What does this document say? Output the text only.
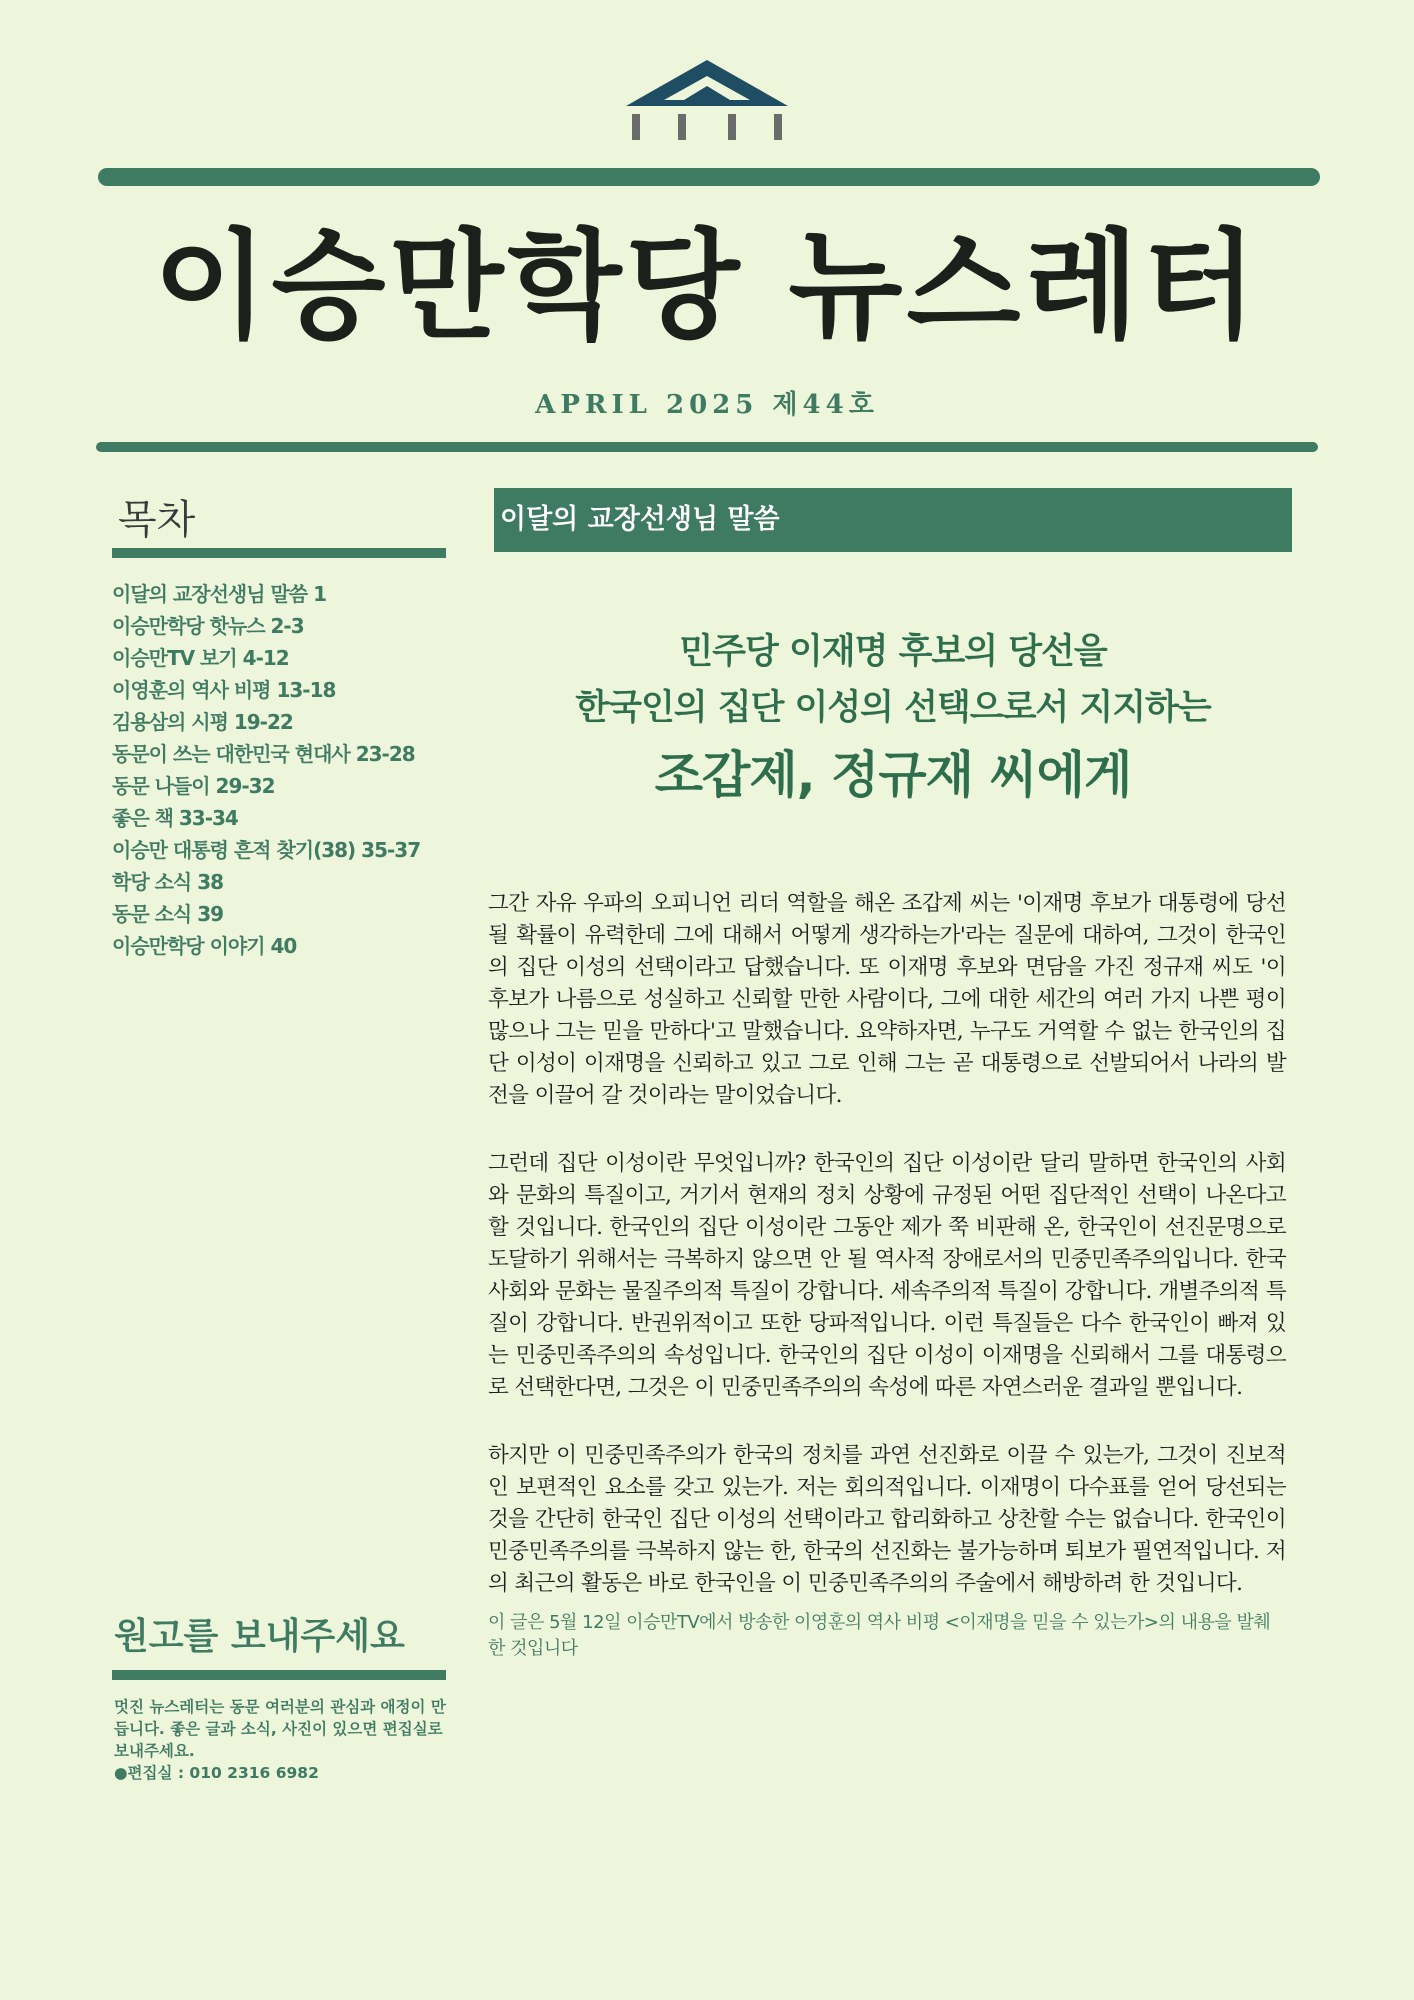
이승만학당 뉴스레터
APRIL 2025 제44호
목차
이달의 교장선생님 말씀 1
이승만학당 핫뉴스 2-3
이승만TV 보기 4-12
이영훈의 역사 비평 13-18
김용삼의 시평 19-22
동문이 쓰는 대한민국 현대사 23-28
동문 나들이 29-32
좋은 책 33-34
이승만 대통령 흔적 찾기(38) 35-37
학당 소식 38
동문 소식 39
이승만학당 이야기 40
원고를 보내주세요

멋진 뉴스레터는 동문 여러분의 관심과 애정이 만듭니다. 좋은 글과 소식, 사진이 있으면 편집실로 보내주세요.

●편집실 : 010 2316 6982

이달의 교장선생님 말씀
민주당 이재명 후보의 당선을
한국인의 집단 이성의 선택으로서 지지하는
조갑제, 정규재 씨에게

그간 자유 우파의 오피니언 리더 역할을 해온 조갑제 씨는 '이재명 후보가 대통령에 당선될 확률이 유력한데 그에 대해서 어떻게 생각하는가'라는 질문에 대하여, 그것이 한국인의 집단 이성의 선택이라고 답했습니다. 또 이재명 후보와 면담을 가진 정규재 씨도 '이 후보가 나름으로 성실하고 신뢰할 만한 사람이다, 그에 대한 세간의 여러 가지 나쁜 평이 많으나 그는 믿을 만하다'고 말했습니다. 요약하자면, 누구도 거역할 수 없는 한국인의 집단 이성이 이재명을 신뢰하고 있고 그로 인해 그는 곧 대통령으로 선발되어서 나라의 발전을 이끌어 갈 것이라는 말이었습니다.

그런데 집단 이성이란 무엇입니까? 한국인의 집단 이성이란 달리 말하면 한국인의 사회와 문화의 특질이고, 거기서 현재의 정치 상황에 규정된 어떤 집단적인 선택이 나온다고 할 것입니다. 한국인의 집단 이성이란 그동안 제가 쭉 비판해 온, 한국인이 선진문명으로 도달하기 위해서는 극복하지 않으면 안 될 역사적 장애로서의 민중민족주의입니다. 한국 사회와 문화는 물질주의적 특질이 강합니다. 세속주의적 특질이 강합니다. 개별주의적 특질이 강합니다. 반권위적이고 또한 당파적입니다. 이런 특질들은 다수 한국인이 빠져 있는 민중민족주의의 속성입니다. 한국인의 집단 이성이 이재명을 신뢰해서 그를 대통령으로 선택한다면, 그것은 이 민중민족주의의 속성에 따른 자연스러운 결과일 뿐입니다.

하지만 이 민중민족주의가 한국의 정치를 과연 선진화로 이끌 수 있는가, 그것이 진보적인 보편적인 요소를 갖고 있는가. 저는 회의적입니다. 이재명이 다수표를 얻어 당선되는 것을 간단히 한국인 집단 이성의 선택이라고 합리화하고 상찬할 수는 없습니다. 한국인이 민중민족주의를 극복하지 않는 한, 한국의 선진화는 불가능하며 퇴보가 필연적입니다. 저의 최근의 활동은 바로 한국인을 이 민중민족주의의 주술에서 해방하려 한 것입니다.

이 글은 5월 12일 이승만TV에서 방송한 이영훈의 역사 비평 <이재명을 믿을 수 있는가>의 내용을 발췌한 것입니다
